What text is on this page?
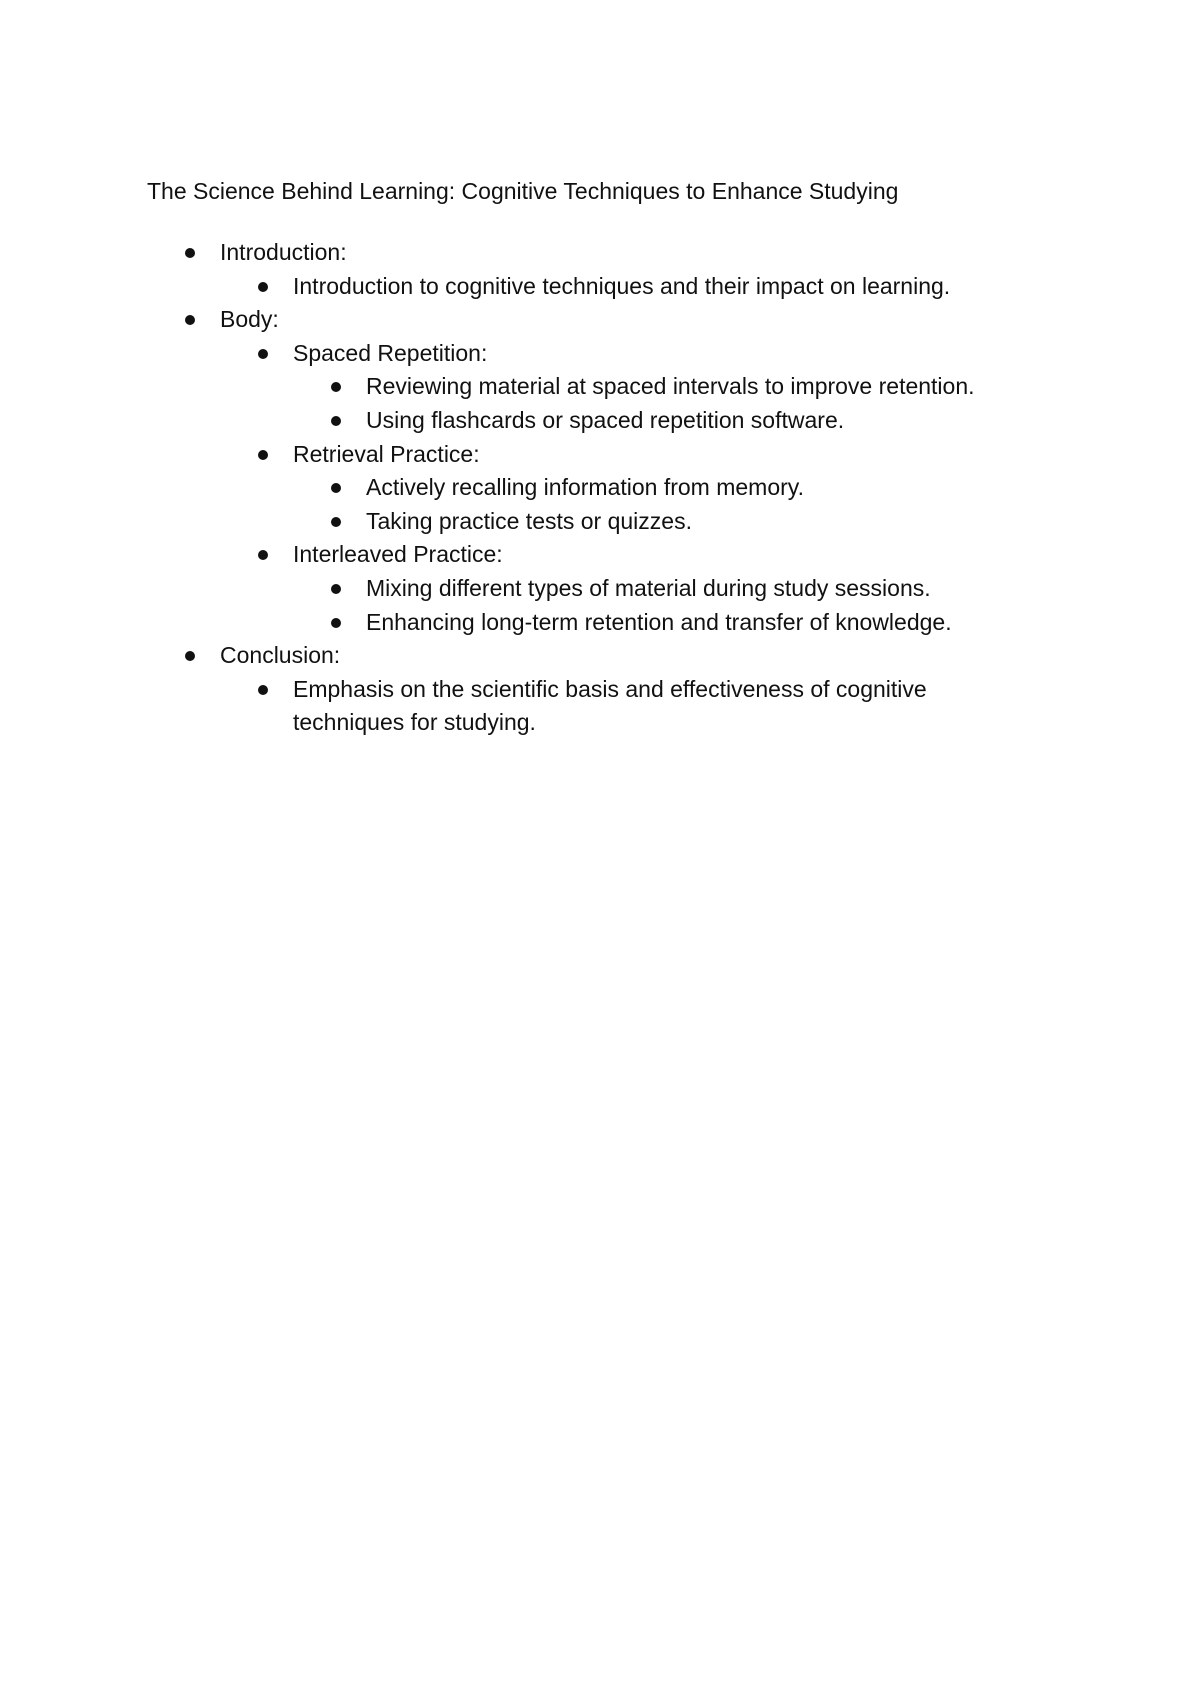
The Science Behind Learning: Cognitive Techniques to Enhance Studying
Introduction:
Introduction to cognitive techniques and their impact on learning.
Body:
Spaced Repetition:
Reviewing material at spaced intervals to improve retention.
Using flashcards or spaced repetition software.
Retrieval Practice:
Actively recalling information from memory.
Taking practice tests or quizzes.
Interleaved Practice:
Mixing different types of material during study sessions.
Enhancing long-term retention and transfer of knowledge.
Conclusion:
Emphasis on the scientific basis and effectiveness of cognitive techniques for studying.
